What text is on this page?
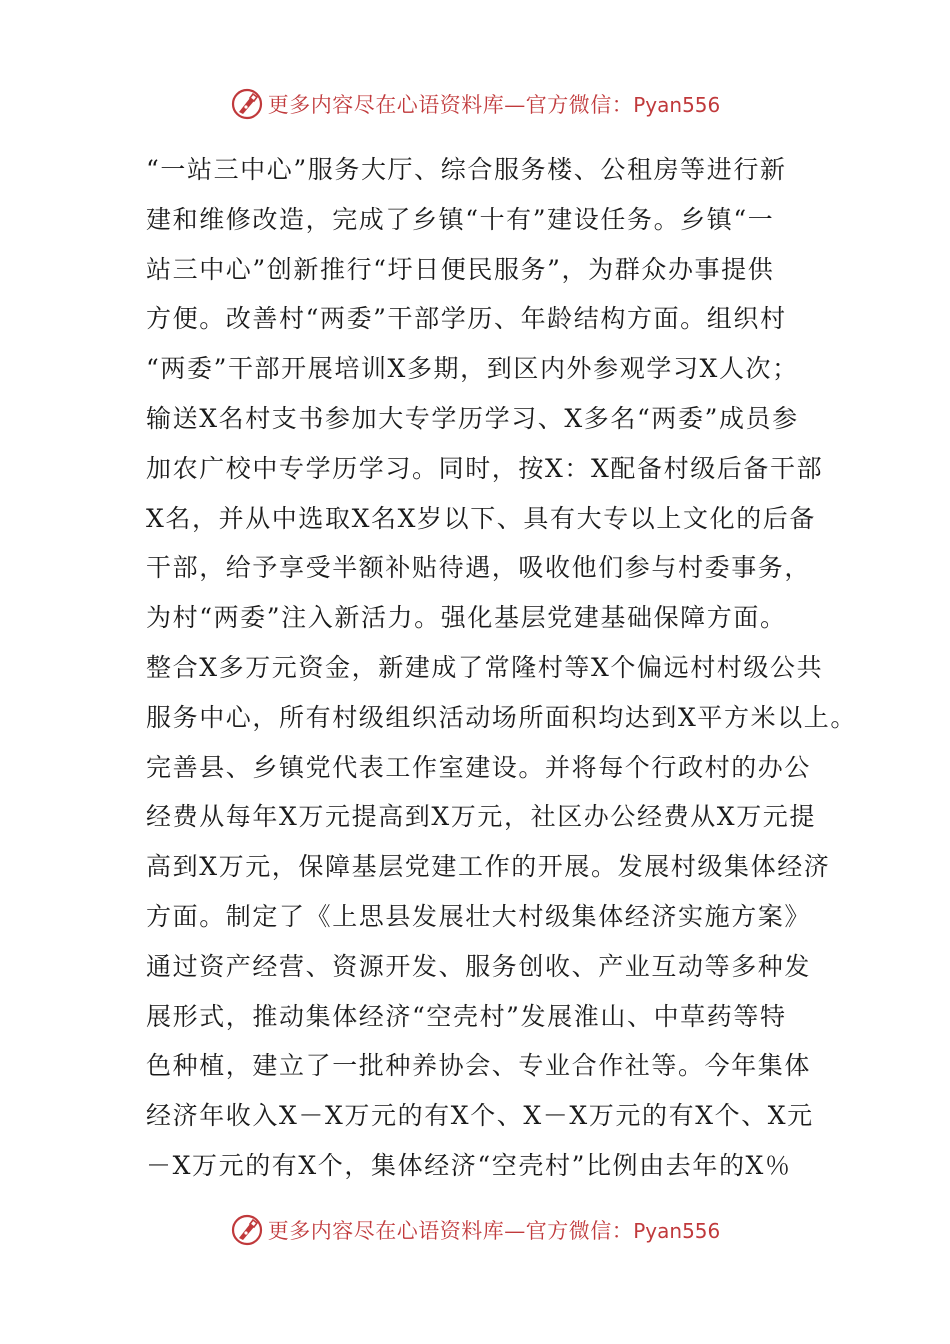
更多内容尽在心语资料库—官方微信：Pyan556
“一站三中心”服务大厅、综合服务楼、公租房等进行新
建和维修改造，完成了乡镇“十有”建设任务。乡镇“一
站三中心”创新推行“圩日便民服务”，为群众办事提供
方便。改善村“两委”干部学历、年龄结构方面。组织村
“两委”干部开展培训X多期，到区内外参观学习X人次；
输送X名村支书参加大专学历学习、X多名“两委”成员参
加农广校中专学历学习。同时，按X：X配备村级后备干部
X名，并从中选取X名X岁以下、具有大专以上文化的后备
干部，给予享受半额补贴待遇，吸收他们参与村委事务，
为村“两委”注入新活力。强化基层党建基础保障方面。
整合X多万元资金，新建成了常隆村等X个偏远村村级公共
服务中心，所有村级组织活动场所面积均达到X平方米以上。
完善县、乡镇党代表工作室建设。并将每个行政村的办公
经费从每年X万元提高到X万元，社区办公经费从X万元提
高到X万元，保障基层党建工作的开展。发展村级集体经济
方面。制定了《上思县发展壮大村级集体经济实施方案》
通过资产经营、资源开发、服务创收、产业互动等多种发
展形式，推动集体经济“空壳村”发展淮山、中草药等特
色种植，建立了一批种养协会、专业合作社等。今年集体
经济年收入X－X万元的有X个、X－X万元的有X个、X元
－X万元的有X个，集体经济“空壳村”比例由去年的X％
更多内容尽在心语资料库—官方微信：Pyan556
